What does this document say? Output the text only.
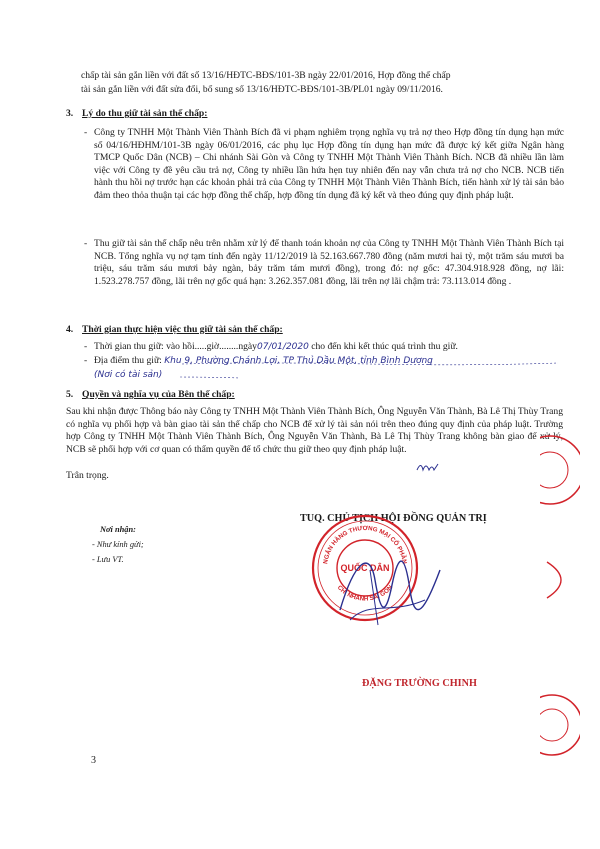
chấp tài sản gắn liền với đất số 13/16/HĐTC-BĐS/101-3B ngày 22/01/2016, Hợp đồng thế chấp

tài sản gắn liền với đất sửa đổi, bổ sung số 13/16/HĐTC-BĐS/101-3B/PL01 ngày 09/11/2016.

3. Lý do thu giữ tài sản thế chấp:

- Công ty TNHH Một Thành Viên Thành Bích đã vi phạm nghiêm trọng nghĩa vụ trả nợ theo Hợp đồng tín dụng hạn mức số 04/16/HĐHM/101-3B ngày 06/01/2016, các phụ lục Hợp đồng tín dụng hạn mức đã được ký kết giữa Ngân hàng TMCP Quốc Dân (NCB) – Chi nhánh Sài Gòn và Công ty TNHH Một Thành Viên Thành Bích. NCB đã nhiều lần làm việc với Công ty đề yêu cầu trả nợ, Công ty nhiều lần hứa hẹn tuy nhiên đến nay vẫn chưa trả nợ cho NCB. NCB tiến hành thu hồi nợ trước hạn các khoản phải trả của Công ty TNHH Một Thành Viên Thành Bích, tiến hành xử lý tài sản bảo đảm theo thỏa thuận tại các hợp đồng thế chấp, hợp đồng tín dụng đã ký kết và theo đúng quy định pháp luật.
- Thu giữ tài sản thế chấp nêu trên nhằm xử lý để thanh toán khoản nợ của Công ty TNHH Một Thành Viên Thành Bích tại NCB. Tổng nghĩa vụ nợ tạm tính đến ngày 11/12/2019 là 52.163.667.780 đồng (năm mươi hai tỷ, một trăm sáu mươi ba triệu, sáu trăm sáu mươi bảy ngàn, bảy trăm tám mươi đồng), trong đó: nợ gốc: 47.304.918.928 đồng, nợ lãi: 1.523.278.757 đồng, lãi trên nợ gốc quá hạn: 3.262.357.081 đồng, lãi trên nợ lãi chậm trả: 73.113.014 đồng .

4. Thời gian thực hiện việc thu giữ tài sản thế chấp:

- Thời gian thu giữ: vào hồi.....giờ........ngày07/01/2020 cho đến khi kết thúc quá trình thu giữ.
- Địa điểm thu giữ: Khu 9, Phường Chánh Lợi, TP Thủ Dầu Một, tỉnh Bình Dương
(Nơi có tài sản)

5. Quyền và nghĩa vụ của Bên thế chấp:

Sau khi nhận được Thông báo này Công ty TNHH Một Thành Viên Thành Bích, Ông Nguyễn Văn Thành, Bà Lê Thị Thùy Trang có nghĩa vụ phối hợp và bàn giao tài sản thế chấp cho NCB để xử lý tài sản nói trên theo đúng quy định của pháp luật. Trường hợp Công ty TNHH Một Thành Viên Thành Bích, Ông Nguyễn Văn Thành, Bà Lê Thị Thùy Trang không bàn giao để xử lý, NCB sẽ phối hợp với cơ quan có thẩm quyền để tổ chức thu giữ theo quy định pháp luật.

Trân trọng.

TUQ. CHỦ TỊCH HỘI ĐỒNG QUẢN TRỊ

NGÂN HÀNG THƯƠNG MẠI CỔ PHẦN
CHI NHÁNH SÀI GÒN
QUỐC DÂN

ĐẶNG TRƯỜNG CHINH

Nơi nhận:
- Như kính gửi;
- Lưu VT.
3
